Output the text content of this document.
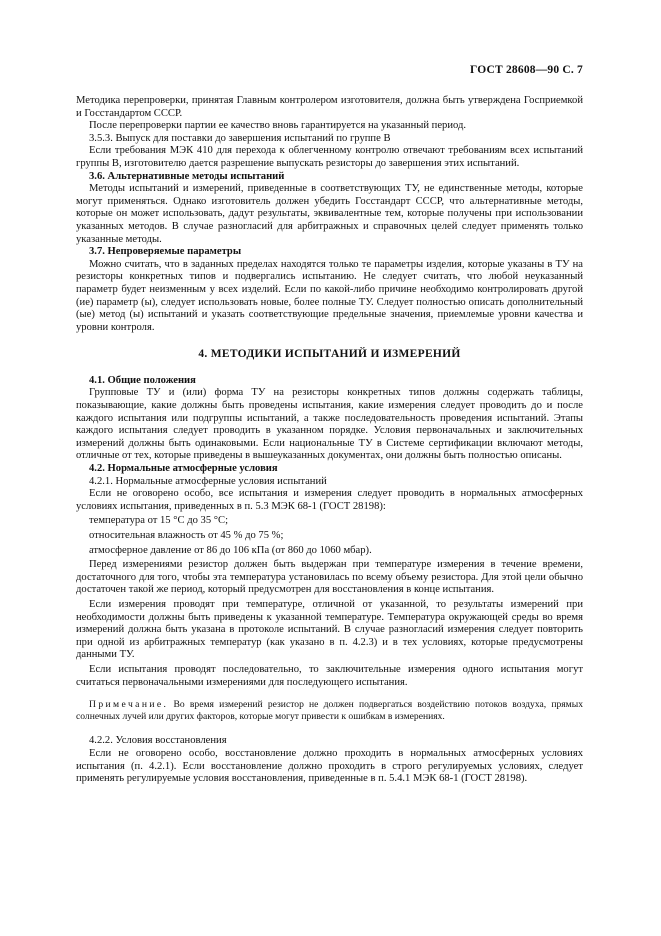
ГОСТ 28608—90 С. 7

Методика перепроверки, принятая Главным контролером изготовителя, должна быть утверждена Госприемкой и Госстандартом СССР.

После перепроверки партии ее качество вновь гарантируется на указанный период.

3.5.3. Выпуск для поставки до завершения испытаний по группе B

Если требования МЭК 410 для перехода к облегченному контролю отвечают требованиям всех испытаний группы B, изготовителю дается разрешение выпускать резисторы до завершения этих испытаний.

3.6. Альтернативные методы испытаний

Методы испытаний и измерений, приведенные в соответствующих ТУ, не единственные методы, которые могут применяться. Однако изготовитель должен убедить Госстандарт СССР, что альтернативные методы, которые он может использовать, дадут результаты, эквивалентные тем, которые получены при использовании указанных методов. В случае разногласий для арбитражных и справочных целей следует применять только указанные методы.

3.7. Непроверяемые параметры

Можно считать, что в заданных пределах находятся только те параметры изделия, которые указаны в ТУ на резисторы конкретных типов и подвергались испытанию. Не следует считать, что любой неуказанный параметр будет неизменным у всех изделий. Если по какой-либо причине необходимо контролировать другой (ие) параметр (ы), следует использовать новые, более полные ТУ. Следует полностью описать дополнительный (ые) метод (ы) испытаний и указать соответствующие предельные значения, приемлемые уровни качества и уровни контроля.

4. МЕТОДИКИ ИСПЫТАНИЙ И ИЗМЕРЕНИЙ

4.1. Общие положения

Групповые ТУ и (или) форма ТУ на резисторы конкретных типов должны содержать таблицы, показывающие, какие должны быть проведены испытания, какие измерения следует проводить до и после каждого испытания или подгруппы испытаний, а также последовательность проведения испытаний. Этапы каждого испытания следует проводить в указанном порядке. Условия первоначальных и заключительных измерений должны быть одинаковыми. Если национальные ТУ в Системе сертификации включают методы, отличные от тех, которые приведены в вышеуказанных документах, они должны быть полностью описаны.

4.2. Нормальные атмосферные условия

4.2.1. Нормальные атмосферные условия испытаний

Если не оговорено особо, все испытания и измерения следует проводить в нормальных атмосферных условиях испытания, приведенных в п. 5.3 МЭК 68-1 (ГОСТ 28198):

температура от 15 °С до 35 °С;

относительная влажность от 45 % до 75 %;

атмосферное давление от 86 до 106 кПа (от 860 до 1060 мбар).

Перед измерениями резистор должен быть выдержан при температуре измерения в течение времени, достаточного для того, чтобы эта температура установилась по всему объему резистора. Для этой цели обычно достаточен такой же период, который предусмотрен для восстановления в конце испытания.

Если измерения проводят при температуре, отличной от указанной, то результаты измерений при необходимости должны быть приведены к указанной температуре. Температура окружающей среды во время измерений должна быть указана в протоколе испытаний. В случае разногласий измерения следует повторить при одной из арбитражных температур (как указано в п. 4.2.3) и в тех условиях, которые предусмотрены данными ТУ.

Если испытания проводят последовательно, то заключительные измерения одного испытания могут считаться первоначальными измерениями для последующего испытания.

Примечание. Во время измерений резистор не должен подвергаться воздействию потоков воздуха, прямых солнечных лучей или других факторов, которые могут привести к ошибкам в измерениях.

4.2.2. Условия восстановления

Если не оговорено особо, восстановление должно проходить в нормальных атмосферных условиях испытания (п. 4.2.1). Если восстановление должно проходить в строго регулируемых условиях, следует применять регулируемые условия восстановления, приведенные в п. 5.4.1 МЭК 68-1 (ГОСТ 28198).
